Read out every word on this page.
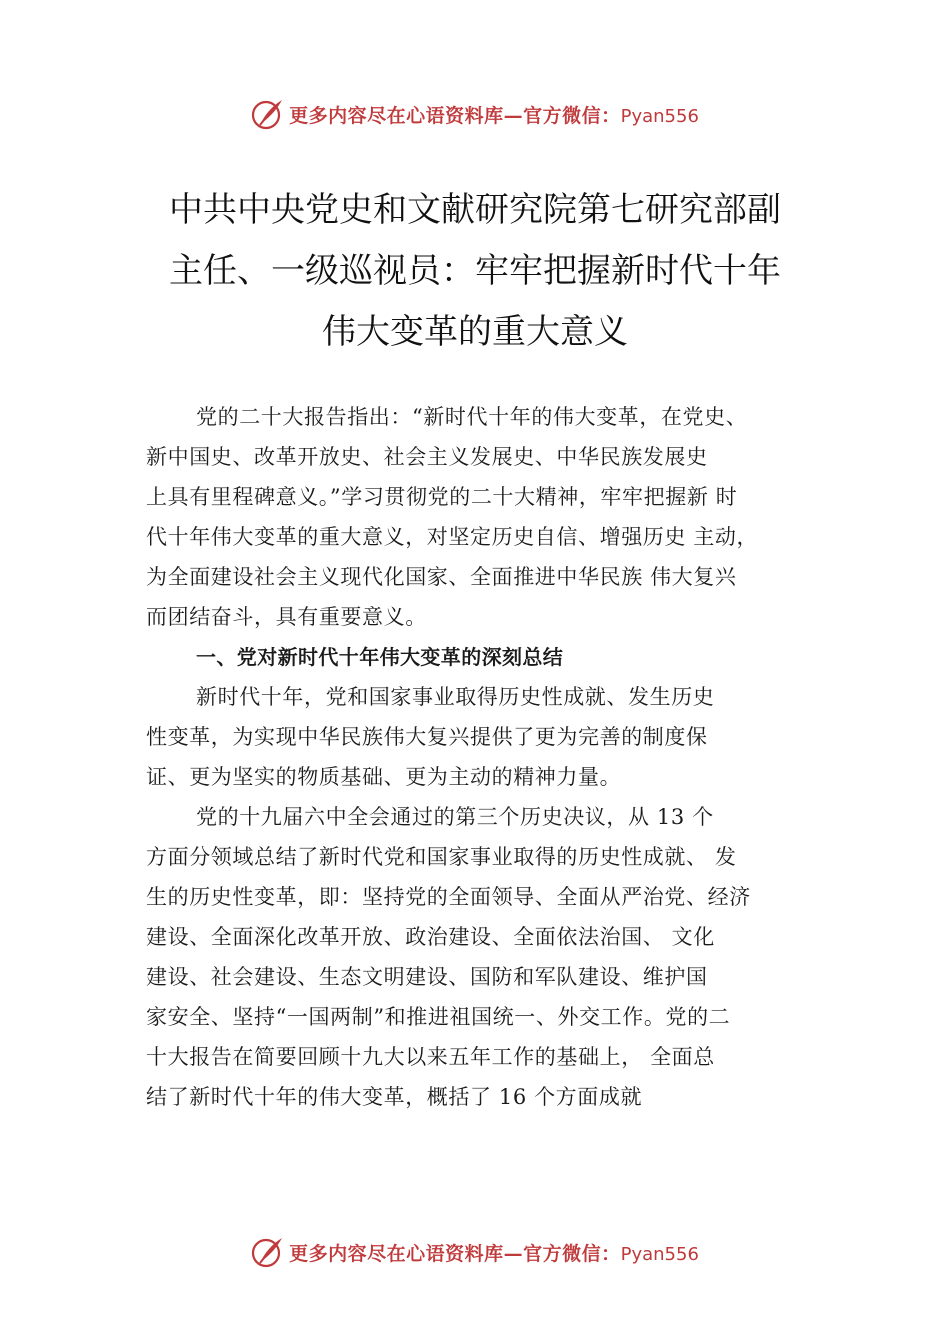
更多内容尽在心语资料库—官方微信：Pyan556
中共中央党史和文献研究院第七研究部副
主任、一级巡视员：牢牢把握新时代十年
伟大变革的重大意义
党的二十大报告指出：“新时代十年的伟大变革，在党史、
新中国史、改革开放史、社会主义发展史、中华民族发展史
上具有里程碑意义。”学习贯彻党的二十大精神，牢牢把握新 时
代十年伟大变革的重大意义，对坚定历史自信、增强历史 主动，
为全面建设社会主义现代化国家、全面推进中华民族 伟大复兴
而团结奋斗，具有重要意义。
一、党对新时代十年伟大变革的深刻总结
新时代十年，党和国家事业取得历史性成就、发生历史
性变革，为实现中华民族伟大复兴提供了更为完善的制度保
证、更为坚实的物质基础、更为主动的精神力量。
党的十九届六中全会通过的第三个历史决议，从 13 个
方面分领域总结了新时代党和国家事业取得的历史性成就、 发
生的历史性变革，即：坚持党的全面领导、全面从严治党、经济
建设、全面深化改革开放、政治建设、全面依法治国、 文化
建设、社会建设、生态文明建设、国防和军队建设、维护国
家安全、坚持“一国两制”和推进祖国统一、外交工作。党的二
十大报告在简要回顾十九大以来五年工作的基础上， 全面总
结了新时代十年的伟大变革，概括了 16 个方面成就
更多内容尽在心语资料库—官方微信：Pyan556
